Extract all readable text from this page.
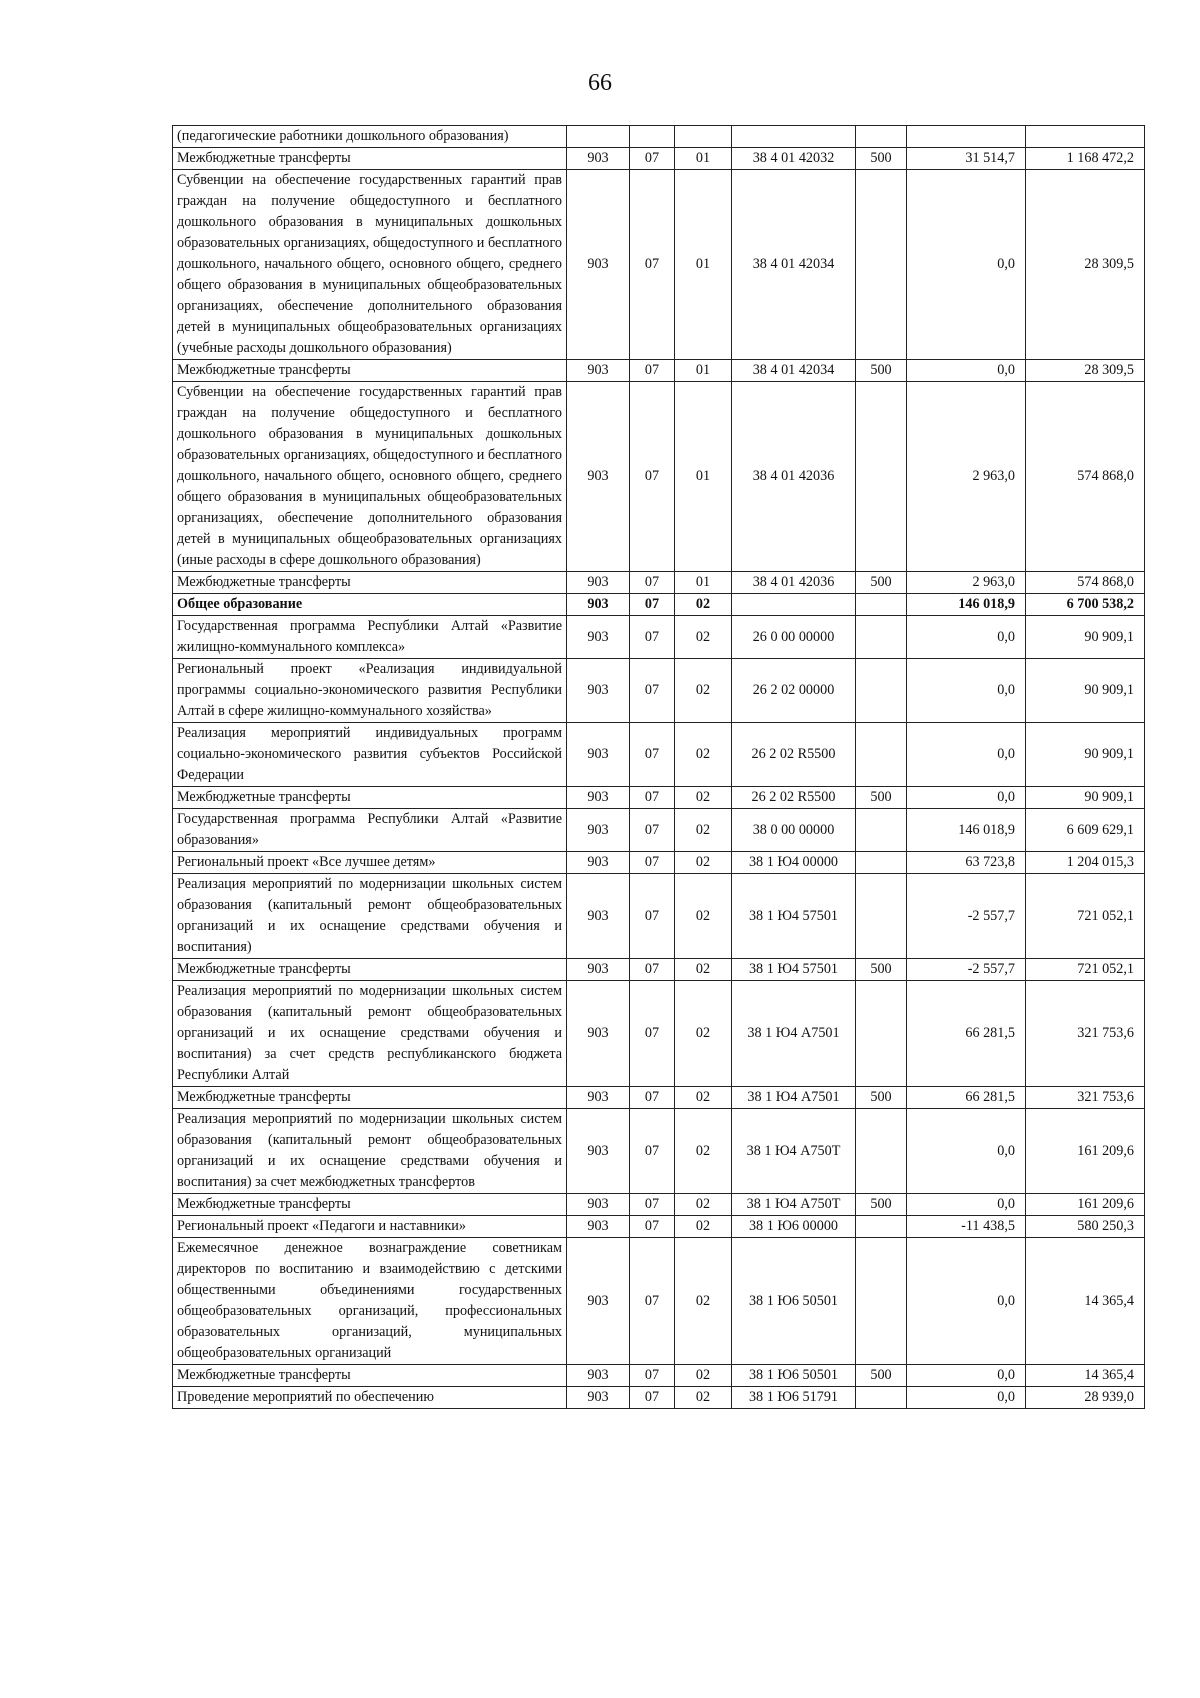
66
(педагогические работники дошкольного образования)							
Межбюджетные трансферты	903	07	01	38 4 01 42032	500	31 514,7	1 168 472,2
Субвенции на обеспечение государственных гарантий прав граждан на получение общедоступного и бесплатного дошкольного образования в муниципальных дошкольных образовательных организациях, общедоступного и бесплатного дошкольного, начального общего, основного общего, среднего общего образования в муниципальных общеобразовательных организациях, обеспечение дополнительного образования детей в муниципальных общеобразовательных организациях (учебные расходы дошкольного образования)	903	07	01	38 4 01 42034		0,0	28 309,5
Межбюджетные трансферты	903	07	01	38 4 01 42034	500	0,0	28 309,5
Субвенции на обеспечение государственных гарантий прав граждан на получение общедоступного и бесплатного дошкольного образования в муниципальных дошкольных образовательных организациях, общедоступного и бесплатного дошкольного, начального общего, основного общего, среднего общего образования в муниципальных общеобразовательных организациях, обеспечение дополнительного образования детей в муниципальных общеобразовательных организациях (иные расходы в сфере дошкольного образования)	903	07	01	38 4 01 42036		2 963,0	574 868,0
Межбюджетные трансферты	903	07	01	38 4 01 42036	500	2 963,0	574 868,0
Общее образование	903	07	02			146 018,9	6 700 538,2
Государственная программа Республики Алтай «Развитие жилищно-коммунального комплекса»	903	07	02	26 0 00 00000		0,0	90 909,1
Региональный проект «Реализация индивидуальной программы социально-экономического развития Республики Алтай в сфере жилищно-коммунального хозяйства»	903	07	02	26 2 02 00000		0,0	90 909,1
Реализация мероприятий индивидуальных программ социально-экономического развития субъектов Российской Федерации	903	07	02	26 2 02 R5500		0,0	90 909,1
Межбюджетные трансферты	903	07	02	26 2 02 R5500	500	0,0	90 909,1
Государственная программа Республики Алтай «Развитие образования»	903	07	02	38 0 00 00000		146 018,9	6 609 629,1
Региональный проект «Все лучшее детям»	903	07	02	38 1 Ю4 00000		63 723,8	1 204 015,3
Реализация мероприятий по модернизации школьных систем образования (капитальный ремонт общеобразовательных организаций и их оснащение средствами обучения и воспитания)	903	07	02	38 1 Ю4 57501		-2 557,7	721 052,1
Межбюджетные трансферты	903	07	02	38 1 Ю4 57501	500	-2 557,7	721 052,1
Реализация мероприятий по модернизации школьных систем образования (капитальный ремонт общеобразовательных организаций и их оснащение средствами обучения и воспитания) за счет средств республиканского бюджета Республики Алтай	903	07	02	38 1 Ю4 А7501		66 281,5	321 753,6
Межбюджетные трансферты	903	07	02	38 1 Ю4 А7501	500	66 281,5	321 753,6
Реализация мероприятий по модернизации школьных систем образования (капитальный ремонт общеобразовательных организаций и их оснащение средствами обучения и воспитания) за счет межбюджетных трансфертов	903	07	02	38 1 Ю4 А750Т		0,0	161 209,6
Межбюджетные трансферты	903	07	02	38 1 Ю4 А750Т	500	0,0	161 209,6
Региональный проект «Педагоги и наставники»	903	07	02	38 1 Ю6 00000		-11 438,5	580 250,3
Ежемесячное денежное вознаграждение советникам директоров по воспитанию и взаимодействию с детскими общественными объединениями государственных общеобразовательных организаций, профессиональных образовательных организаций, муниципальных общеобразовательных организаций	903	07	02	38 1 Ю6 50501		0,0	14 365,4
Межбюджетные трансферты	903	07	02	38 1 Ю6 50501	500	0,0	14 365,4
Проведение мероприятий по обеспечению	903	07	02	38 1 Ю6 51791		0,0	28 939,0
